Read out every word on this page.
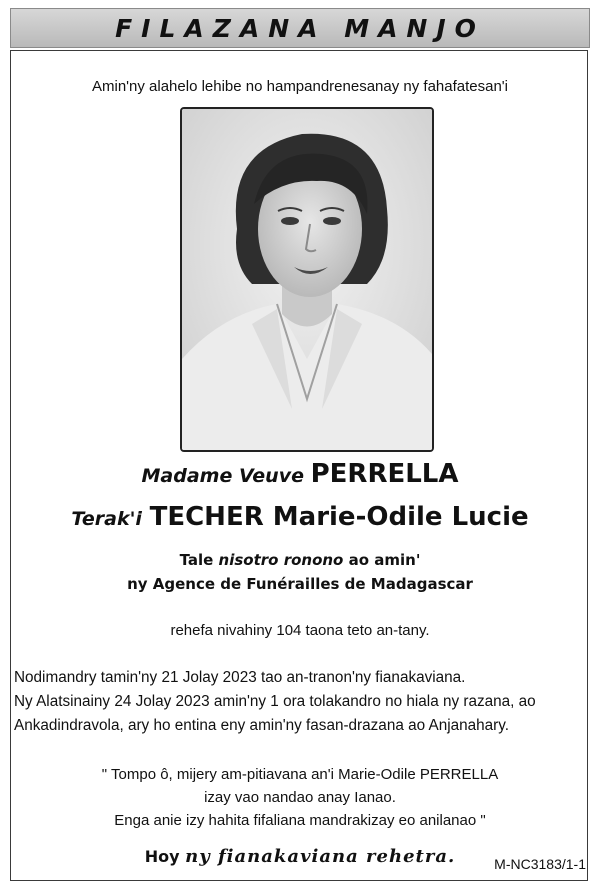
FILAZANA MANJO
Amin'ny alahelo lehibe no hampandrenesanay ny fahafatesan'i
Madame Veuve PERRELLA
Terak'i TECHER Marie-Odile Lucie
Tale nisotro ronono ao amin'
ny Agence de Funérailles de Madagascar
rehefa nivahiny 104 taona teto an-tany.
Nodimandry tamin'ny 21 Jolay 2023 tao an-tranon'ny fianakaviana.
Ny Alatsinainy 24 Jolay 2023 amin'ny 1 ora tolakandro no hiala ny razana, ao Ankadindravola, ary ho entina eny amin'ny fasan-drazana ao Anjanahary.
" Tompo ô, mijery am-pitiavana an'i Marie-Odile PERRELLA
izay vao nandao anay Ianao.
Enga anie izy hahita fifaliana mandrakizay eo anilanao "
Hoy ny fianakaviana rehetra.	M-NC3183/1-1
